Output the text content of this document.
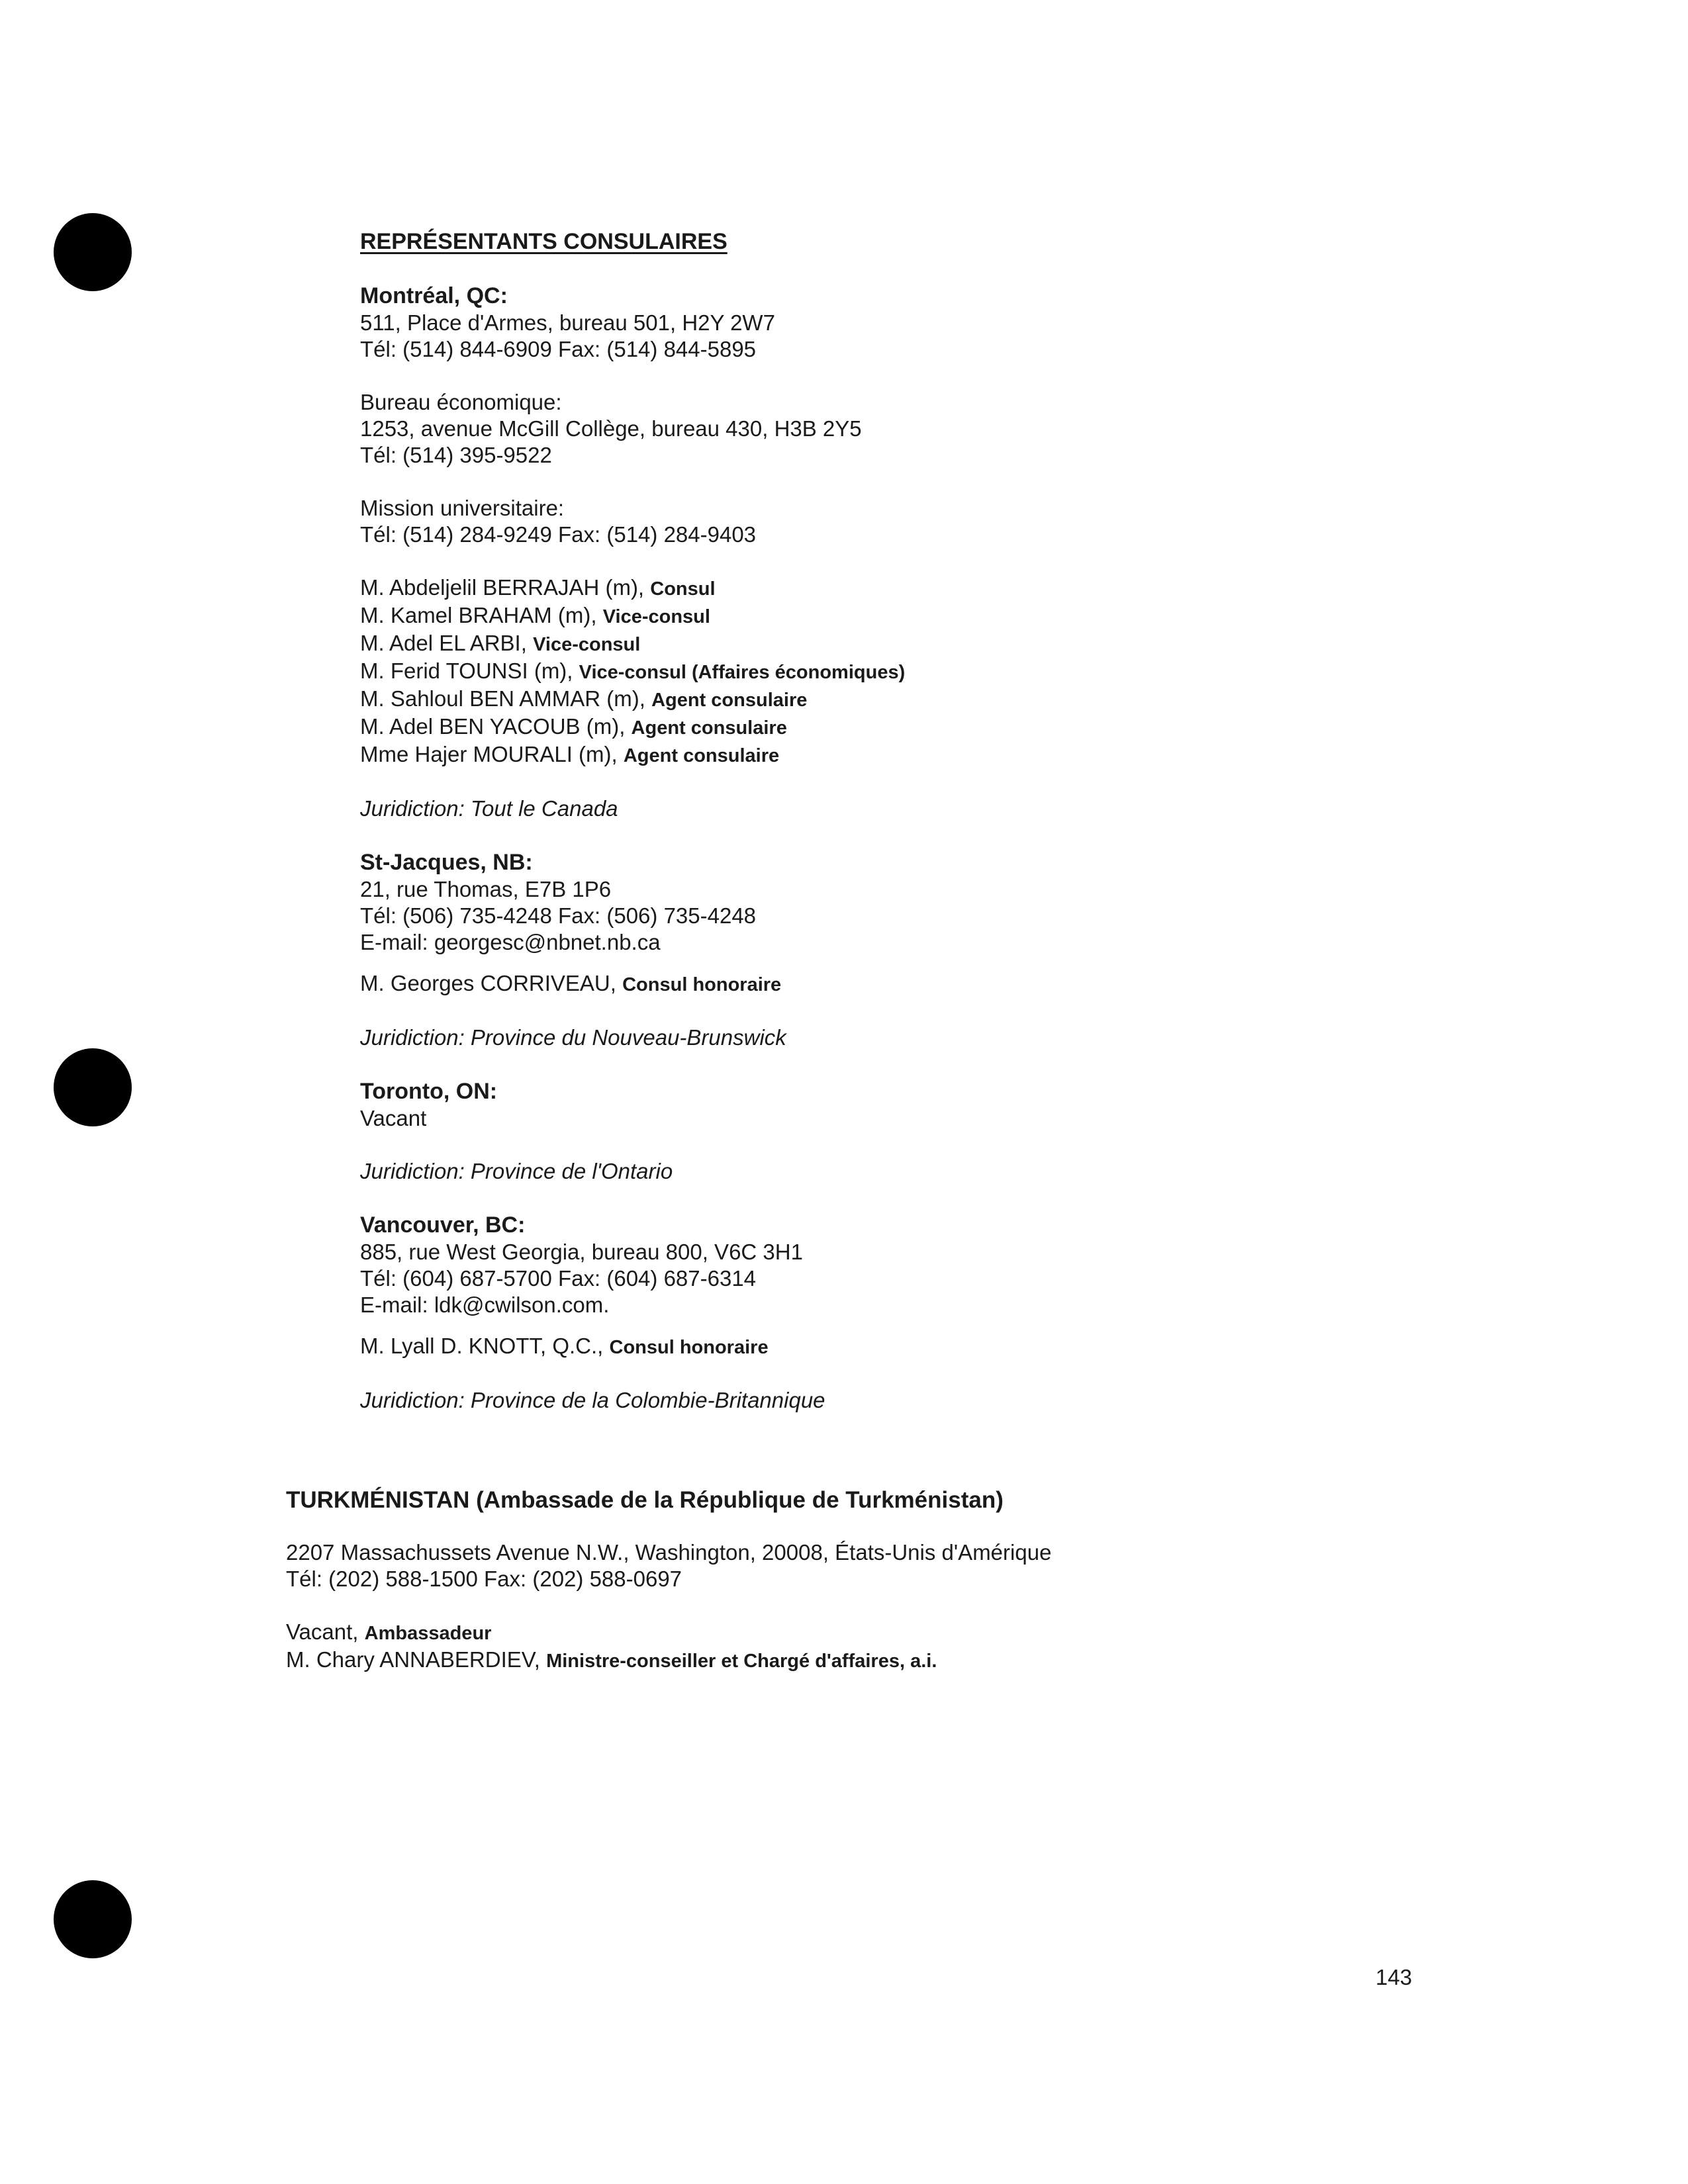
REPRÉSENTANTS CONSULAIRES
Montréal, QC:
511, Place d'Armes, bureau 501, H2Y 2W7
Tél: (514) 844-6909 Fax: (514) 844-5895
Bureau économique:
1253, avenue McGill Collège, bureau 430, H3B 2Y5
Tél: (514) 395-9522
Mission universitaire:
Tél: (514) 284-9249 Fax: (514) 284-9403
M. Abdeljelil BERRAJAH (m), Consul
M. Kamel BRAHAM (m), Vice-consul
M. Adel EL ARBI, Vice-consul
M. Ferid TOUNSI (m), Vice-consul (Affaires économiques)
M. Sahloul BEN AMMAR (m), Agent consulaire
M. Adel BEN YACOUB (m), Agent consulaire
Mme Hajer MOURALI (m), Agent consulaire
Juridiction: Tout le Canada
St-Jacques, NB:
21, rue Thomas, E7B 1P6
Tél: (506) 735-4248 Fax: (506) 735-4248
E-mail: georgesc@nbnet.nb.ca
M. Georges CORRIVEAU, Consul honoraire
Juridiction: Province du Nouveau-Brunswick
Toronto, ON:
Vacant
Juridiction: Province de l'Ontario
Vancouver, BC:
885, rue West Georgia, bureau 800, V6C 3H1
Tél: (604) 687-5700 Fax: (604) 687-6314
E-mail: ldk@cwilson.com.
M. Lyall D. KNOTT, Q.C., Consul honoraire
Juridiction: Province de la Colombie-Britannique
TURKMÉNISTAN (Ambassade de la République de Turkménistan)
2207 Massachussets Avenue N.W., Washington, 20008, États-Unis d'Amérique
Tél: (202) 588-1500 Fax: (202) 588-0697
Vacant, Ambassadeur
M. Chary ANNABERDIEV, Ministre-conseiller et Chargé d'affaires, a.i.
143
